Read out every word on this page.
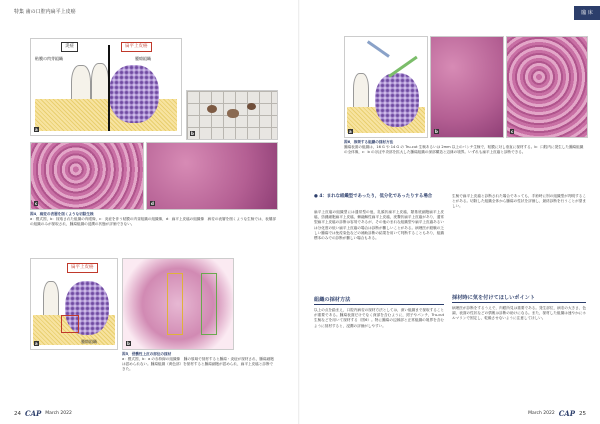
特集 歯の口腔内扁平上皮癌
炎症	扁平上皮癌
粘膜の肉芽組織	腫瘍組織
a
b
c	d
図4．病変の表層を削くような切除生検
a：模式図，b：採取された組織の肉眼像，c：炎症を伴う粘膜の肉芽組織の組織像，d：扁平上皮癌の組織像　病変の表層を削くような生検では，表層部の組織のみが採取され，腫瘍組織の浸潤の状態が評価できない。
扁平上皮癌
腫瘍組織
a	b
図5．侵襲性上皮の部位の採材
a：模式図，b：a の赤枠線の組織像　腫の領域で採材すると腫瘍・炎症が採材され，腫瘍細胞は認められない。腫瘍組織（黄色部）を採材すると腫瘍細胞が認められ，扁平上皮癌と診断できた。
24 CAP March 2022
臨 床
a	b	c
図6．推奨する組織の採材方法
腫瘍表面の組織は，16 G や 14 G の Tru-cut 生検あるいは 2mm 以上のパンチ生検で，粘膜に対し垂直に採材する。b：口腔内に発生した腫瘍組織の全体像，c：b のほぼ中央部を拡大した腫瘍組織の深部構造と辺縁の境界。いずれも扁平上皮癌と診断できる。
● 4：まれな組織型であったり，低分化であったりする場合
扁平上皮癌の組織型には通常型の他，乳頭状扁平上皮癌，類基底細胞扁平上皮癌，紡錘細胞扁平上皮癌，棘融解性扁平上皮癌，疣贅状扁平上皮癌があり，通常型扁平上皮癌の診断は容易であるが，その他のまれな組織型や扁平上皮癌あるいは分化度の低い扁平上皮癌の場合は診断が難しいことがある。病理医が経験の乏しい腫瘍では免疫染色などの補助診断の結果を用いて判断することもあり，組織標本のみでの診断が難しい場合もある。
生検で扁平上皮癌と診断された場合であっても，手術時に別の組織型が判明することがある。切除した組織全体から腫瘍の性状を評価し，最終診断を行うことが望ましい。
組織の採材方法
以上の点を踏まえ，口腔内病変の採材方法としては，深い組織まで採取することが重要である。腫瘍表面だけでなく深部を含むように，鉗子やパンチ，Tru-cut 生検などを用いて採材する（図6）。特に腫瘍の辺縁部と正常組織の境界を含むように採材すると，浸潤の評価がしやすい。
採材時に気を付けてほしいポイント
病理医が診断をするうえで，肉眼所見は重要である。発生部位，病変の大きさ，色調，表面の性状などの情報は診断の助けになる。また，採材した組織は速やかにホルマリンで固定し，乾燥させないように注意してほしい。
March 2022 CAP 25
